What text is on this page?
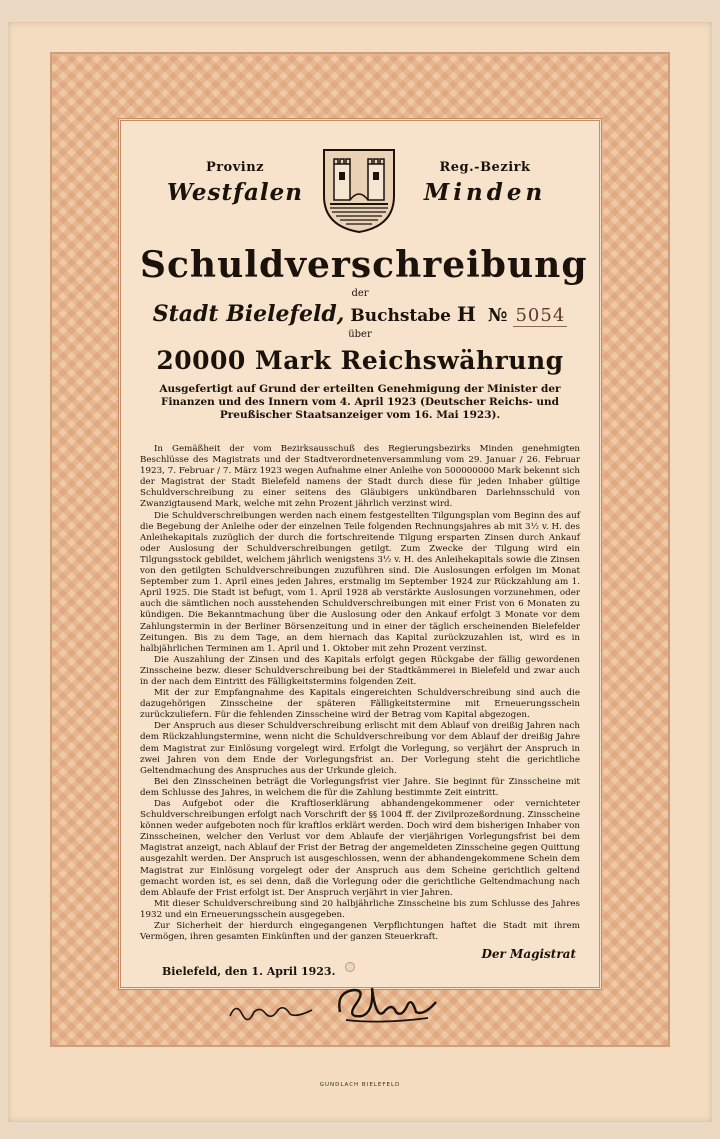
Provinz
Westfalen
Reg.-Bezirk
Minden
Schuldverschreibung
der
Stadt Bielefeld, Buchstabe H № 5054
über
20000 Mark Reichswährung
Ausgefertigt auf Grund der erteilten Genehmigung der Minister der Finanzen und des Innern vom 4. April 1923 (Deutscher Reichs- und Preußischer Staatsanzeiger vom 16. Mai 1923).

In Gemäßheit der vom Bezirksausschuß des Regierungsbezirks Minden genehmigten Beschlüsse des Magistrats und der Stadtverordnetenversammlung vom 29. Januar / 26. Februar 1923, 7. Februar / 7. März 1923 wegen Aufnahme einer Anleihe von 500000000 Mark bekennt sich der Magistrat der Stadt Bielefeld namens der Stadt durch diese für jeden Inhaber gültige Schuldverschreibung zu einer seitens des Gläubigers unkündbaren Darlehnsschuld von Zwanzigtausend Mark, welche mit zehn Prozent jährlich verzinst wird.

Die Schuldverschreibungen werden nach einem festgestellten Tilgungsplan vom Beginn des auf die Begebung der Anleihe oder der einzelnen Teile folgenden Rechnungsjahres ab mit 3½ v. H. des Anleihekapitals zuzüglich der durch die fortschreitende Tilgung ersparten Zinsen durch Ankauf oder Auslosung der Schuldverschreibungen getilgt. Zum Zwecke der Tilgung wird ein Tilgungsstock gebildet, welchem jährlich wenigstens 3½ v. H. des Anleihekapitals sowie die Zinsen von den getilgten Schuldverschreibungen zuzuführen sind. Die Auslosungen erfolgen im Monat September zum 1. April eines jeden Jahres, erstmalig im September 1924 zur Rückzahlung am 1. April 1925. Die Stadt ist befugt, vom 1. April 1928 ab verstärkte Auslosungen vorzunehmen, oder auch die sämtlichen noch ausstehenden Schuldverschreibungen mit einer Frist von 6 Monaten zu kündigen. Die Bekanntmachung über die Auslosung oder den Ankauf erfolgt 3 Monate vor dem Zahlungstermin in der Berliner Börsenzeitung und in einer der täglich erscheinenden Bielefelder Zeitungen. Bis zu dem Tage, an dem hiernach das Kapital zurückzuzahlen ist, wird es in halbjährlichen Terminen am 1. April und 1. Oktober mit zehn Prozent verzinst.

Die Auszahlung der Zinsen und des Kapitals erfolgt gegen Rückgabe der fällig gewordenen Zinsscheine bezw. dieser Schuldverschreibung bei der Stadtkämmerei in Bielefeld und zwar auch in der nach dem Eintritt des Fälligkeitstermins folgenden Zeit.

Mit der zur Empfangnahme des Kapitals eingereichten Schuldverschreibung sind auch die dazugehörigen Zinsscheine der späteren Fälligkeitstermine mit Erneuerungsschein zurückzuliefern. Für die fehlenden Zinsscheine wird der Betrag vom Kapital abgezogen.

Der Anspruch aus dieser Schuldverschreibung erlischt mit dem Ablauf von dreißig Jahren nach dem Rückzahlungstermine, wenn nicht die Schuldverschreibung vor dem Ablauf der dreißig Jahre dem Magistrat zur Einlösung vorgelegt wird. Erfolgt die Vorlegung, so verjährt der Anspruch in zwei Jahren von dem Ende der Vorlegungsfrist an. Der Vorlegung steht die gerichtliche Geltendmachung des Anspruches aus der Urkunde gleich.

Bei den Zinsscheinen beträgt die Vorlegungsfrist vier Jahre. Sie beginnt für Zinsscheine mit dem Schlusse des Jahres, in welchem die für die Zahlung bestimmte Zeit eintritt.

Das Aufgebot oder die Kraftloserklärung abhandengekommener oder vernichteter Schuldverschreibungen erfolgt nach Vorschrift der §§ 1004 ff. der Zivilprozeßordnung. Zinsscheine können weder aufgeboten noch für kraftlos erklärt werden. Doch wird dem bisherigen Inhaber von Zinsscheinen, welcher den Verlust vor dem Ablaufe der vierjährigen Vorlegungsfrist bei dem Magistrat anzeigt, nach Ablauf der Frist der Betrag der angemeldeten Zinsscheine gegen Quittung ausgezahlt werden. Der Anspruch ist ausgeschlossen, wenn der abhandengekommene Schein dem Magistrat zur Einlösung vorgelegt oder der Anspruch aus dem Scheine gerichtlich geltend gemacht worden ist, es sei denn, daß die Vorlegung oder die gerichtliche Geltendmachung nach dem Ablaufe der Frist erfolgt ist. Der Anspruch verjährt in vier Jahren.

Mit dieser Schuldverschreibung sind 20 halbjährliche Zinsscheine bis zum Schlusse des Jahres 1932 und ein Erneuerungsschein ausgegeben.

Zur Sicherheit der hierdurch eingegangenen Verpflichtungen haftet die Stadt mit ihrem Vermögen, ihren gesamten Einkünften und der ganzen Steuerkraft.

Der Magistrat
Bielefeld, den 1. April 1923.
GUNDLACH BIELEFELD
